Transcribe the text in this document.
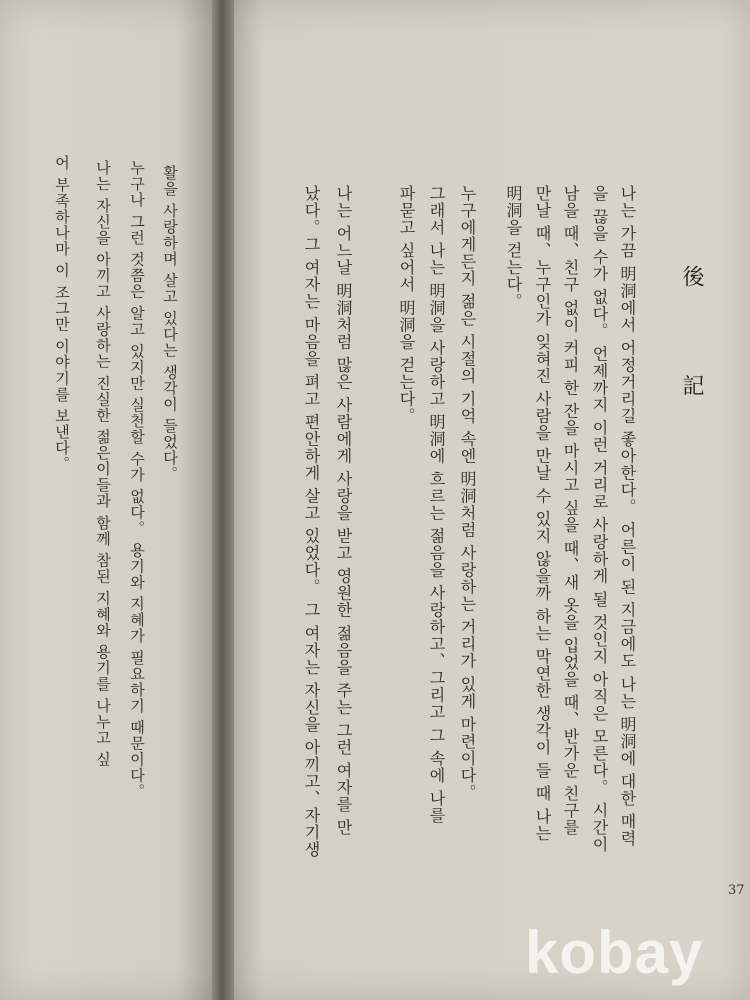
後 記
나는 가끔 明洞에서 어정거리길 좋아한다。 어른이 된 지금에도 나는 明洞에 대한 매력
을 끊을 수가 없다。 언제까지 이런 거리로 사랑하게 될 것인지 아직은 모른다。 시간이
남을 때、친구 없이 커피 한 잔을 마시고 싶을 때、새 옷을 입었을 때、반가운 친구를
만날 때、누구인가 잊혀진 사람을 만날 수 있지 않을까 하는 막연한 생각이 들 때 나는
明洞을 걷는다。
누구에게든지 젊은 시절의 기억 속엔 明洞처럼 사랑하는 거리가 있게 마련이다。
그래서 나는 明洞을 사랑하고 明洞에 흐르는 젊음을 사랑하고、그리고 그 속에 나를
파묻고 싶어서 明洞을 걷는다。
나는 어느날 明洞처럼 많은 사람에게 사랑을 받고 영원한 젊음을 주는 그런 여자를 만
났다。그 여자는 마음을 펴고 편안하게 살고 있었다。 그 여자는 자신을 아끼고、자기생
37
활을 사랑하며 살고 있다는 생각이 들었다。
누구나 그런 것쯤은 알고 있지만 실천할 수가 없다。 용기와 지혜가 필요하기 때문이다。
나는 자신을 아끼고 사랑하는 진실한 젊은이들과 함께 참된 지혜와 용기를 나누고 싶
어 부족하나마 이 조그만 이야기를 보낸다。
kobay
